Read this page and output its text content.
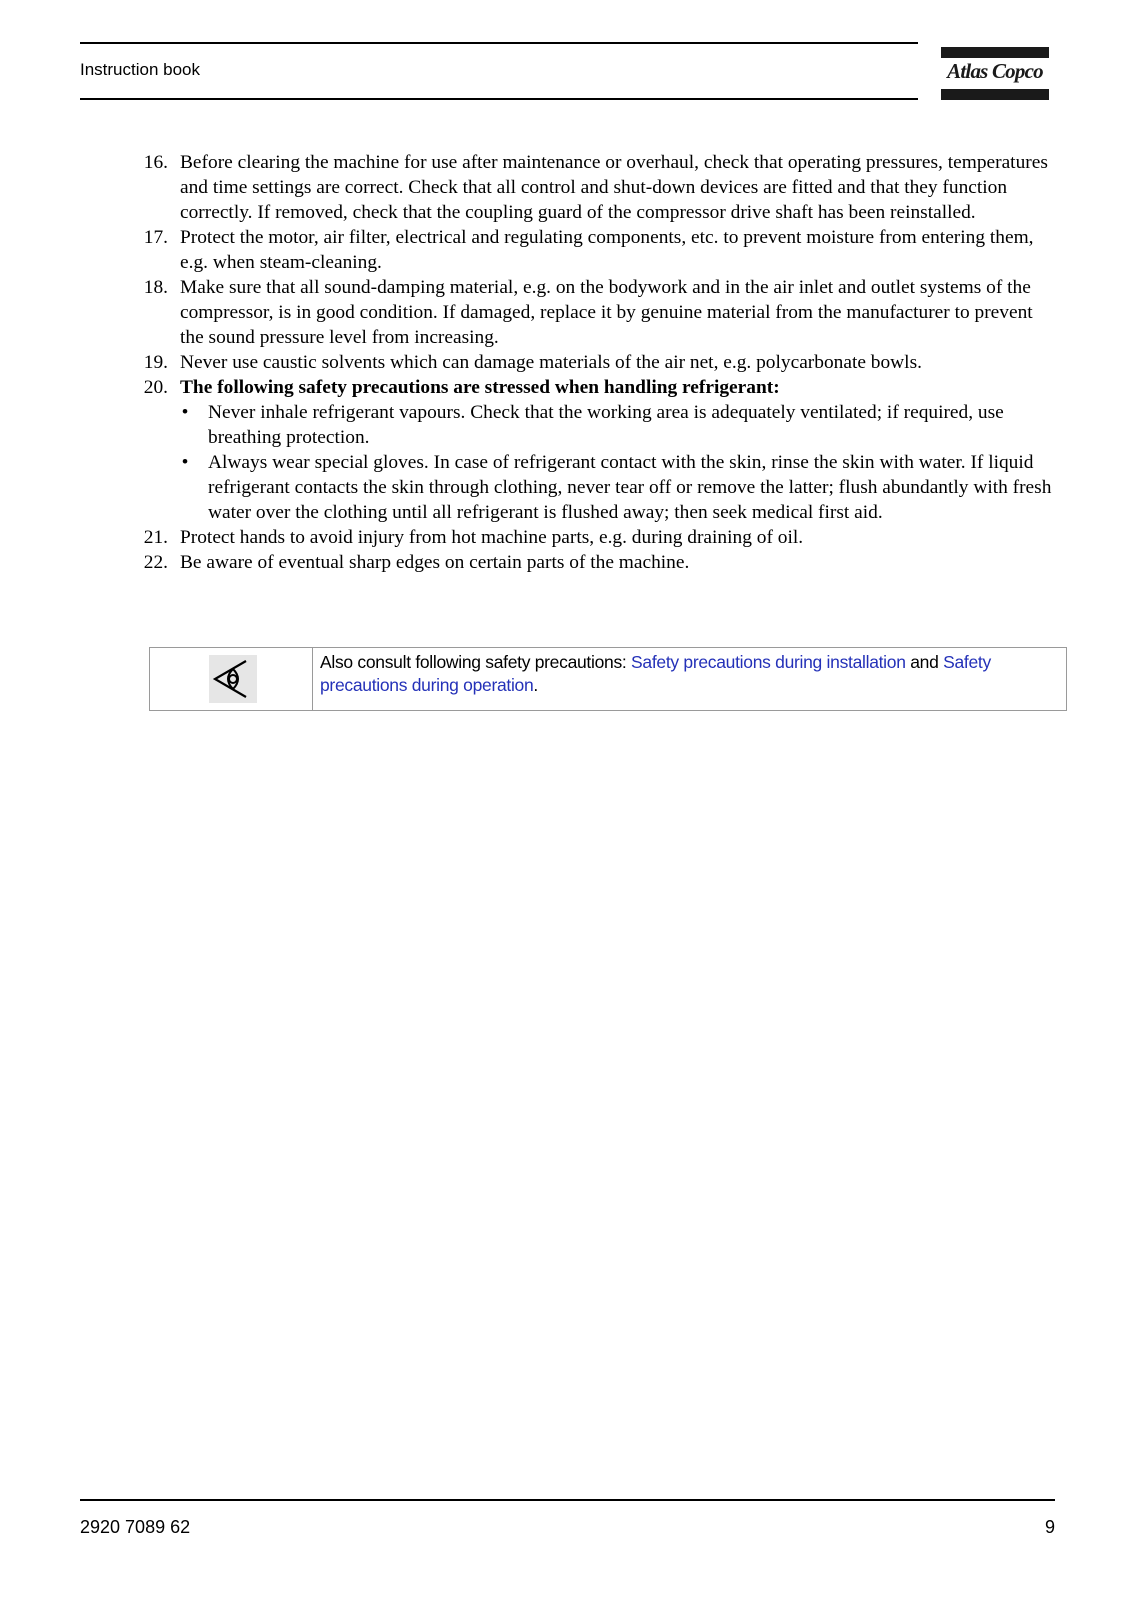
Instruction book	Atlas Copco
16. Before clearing the machine for use after maintenance or overhaul, check that operating pressures, temperatures and time settings are correct. Check that all control and shut-down devices are fitted and that they function correctly. If removed, check that the coupling guard of the compressor drive shaft has been reinstalled.
17. Protect the motor, air filter, electrical and regulating components, etc. to prevent moisture from entering them, e.g. when steam-cleaning.
18. Make sure that all sound-damping material, e.g. on the bodywork and in the air inlet and outlet systems of the compressor, is in good condition. If damaged, replace it by genuine material from the manufacturer to prevent the sound pressure level from increasing.
19. Never use caustic solvents which can damage materials of the air net, e.g. polycarbonate bowls.
20. The following safety precautions are stressed when handling refrigerant:
• Never inhale refrigerant vapours. Check that the working area is adequately ventilated; if required, use breathing protection.
• Always wear special gloves. In case of refrigerant contact with the skin, rinse the skin with water. If liquid refrigerant contacts the skin through clothing, never tear off or remove the latter; flush abundantly with fresh water over the clothing until all refrigerant is flushed away; then seek medical first aid.
21. Protect hands to avoid injury from hot machine parts, e.g. during draining of oil.
22. Be aware of eventual sharp edges on certain parts of the machine.
Also consult following safety precautions: Safety precautions during installation and Safety precautions during operation.
2920 7089 62	9
